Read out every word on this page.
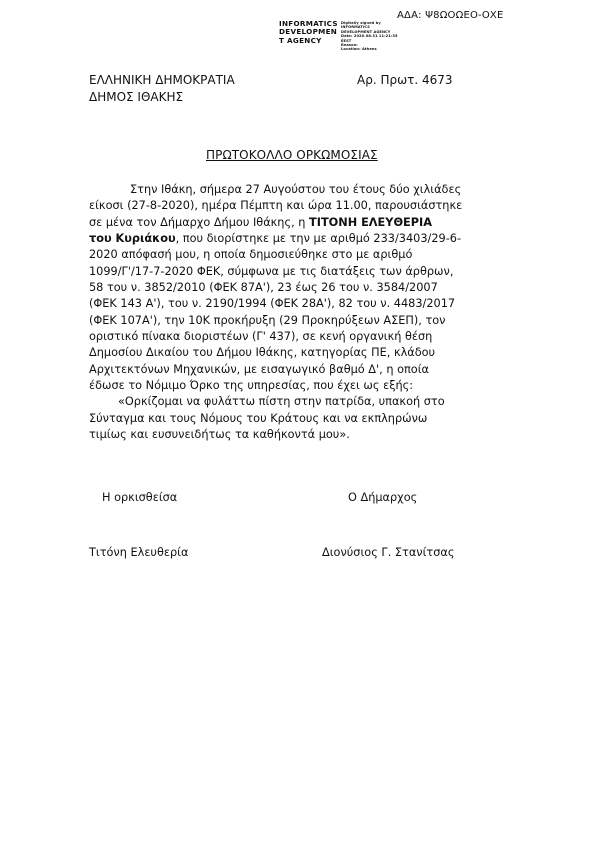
ΑΔΑ: Ψ8ΩΟΩΕΟ-ΟΧΕ
INFORMATICS
DEVELOPMEN
T AGENCY
Digitally signed by
INFORMATICS
DEVELOPMENT AGENCY
Date: 2020.08.31 11:21:35
EEST
Reason:
Location: Athens
ΕΛΛΗΝΙΚΗ ΔΗΜΟΚΡΑΤΙΑ
ΔΗΜΟΣ ΙΘΑΚΗΣ
Αρ. Πρωτ. 4673
ΠΡΩΤΟΚΟΛΛΟ ΟΡΚΩΜΟΣΙΑΣ
Στην Ιθάκη, σήμερα 27 Αυγούστου του έτους δύο χιλιάδες
είκοσι (27-8-2020), ημέρα Πέμπτη και ώρα 11.00, παρουσιάστηκε
σε μένα τον Δήμαρχο Δήμου Ιθάκης, η ΤΙΤΟΝΗ ΕΛΕΥΘΕΡΙΑ
του Κυριάκου, που διορίστηκε με την με αριθμό 233/3403/29-6-
2020 απόφασή μου, η οποία δημοσιεύθηκε στο με αριθμό
1099/Γ'/17-7-2020 ΦΕΚ, σύμφωνα με τις διατάξεις των άρθρων,
58 του ν. 3852/2010 (ΦΕΚ 87Α'), 23 έως 26 του ν. 3584/2007
(ΦΕΚ 143 Α'), του ν. 2190/1994 (ΦΕΚ 28Α'), 82 του ν. 4483/2017
(ΦΕΚ 107Α'), την 10Κ προκήρυξη (29 Προκηρύξεων ΑΣΕΠ), τον
οριστικό πίνακα διοριστέων (Γ' 437), σε κενή οργανική θέση
Δημοσίου Δικαίου του Δήμου Ιθάκης, κατηγορίας ΠΕ, κλάδου
Αρχιτεκτόνων Μηχανικών, με εισαγωγικό βαθμό Δ', η οποία
έδωσε το Νόμιμο Όρκο της υπηρεσίας, που έχει ως εξής:
«Ορκίζομαι να φυλάττω πίστη στην πατρίδα, υπακοή στο
Σύνταγμα και τους Νόμους του Κράτους και να εκπληρώνω
τιμίως και ευσυνειδήτως τα καθήκοντά μου».
Η ορκισθείσα	Ο Δήμαρχος
Τιτόνη Ελευθερία	Διονύσιος Γ. Στανίτσας
